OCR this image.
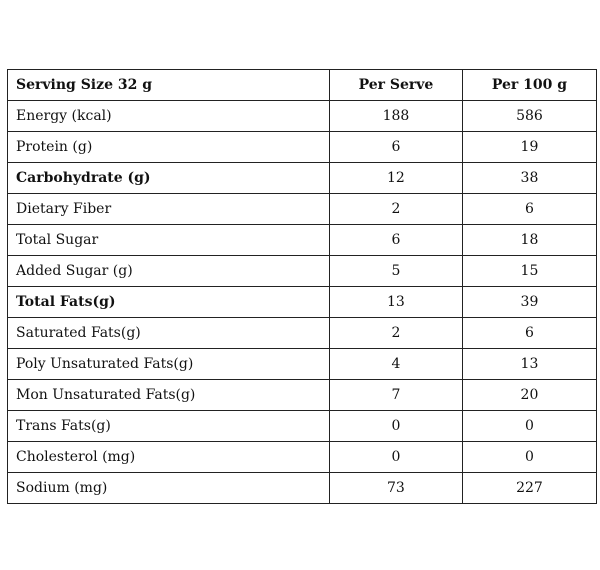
Serving Size 32 g	Per Serve	Per 100 g
Energy (kcal)	188	586
Protein (g)	6	19
Carbohydrate (g)	12	38
Dietary Fiber	2	6
Total Sugar	6	18
Added Sugar (g)	5	15
Total Fats(g)	13	39
Saturated Fats(g)	2	6
Poly Unsaturated Fats(g)	4	13
Mon Unsaturated Fats(g)	7	20
Trans Fats(g)	0	0
Cholesterol (mg)	0	0
Sodium (mg)	73	227
